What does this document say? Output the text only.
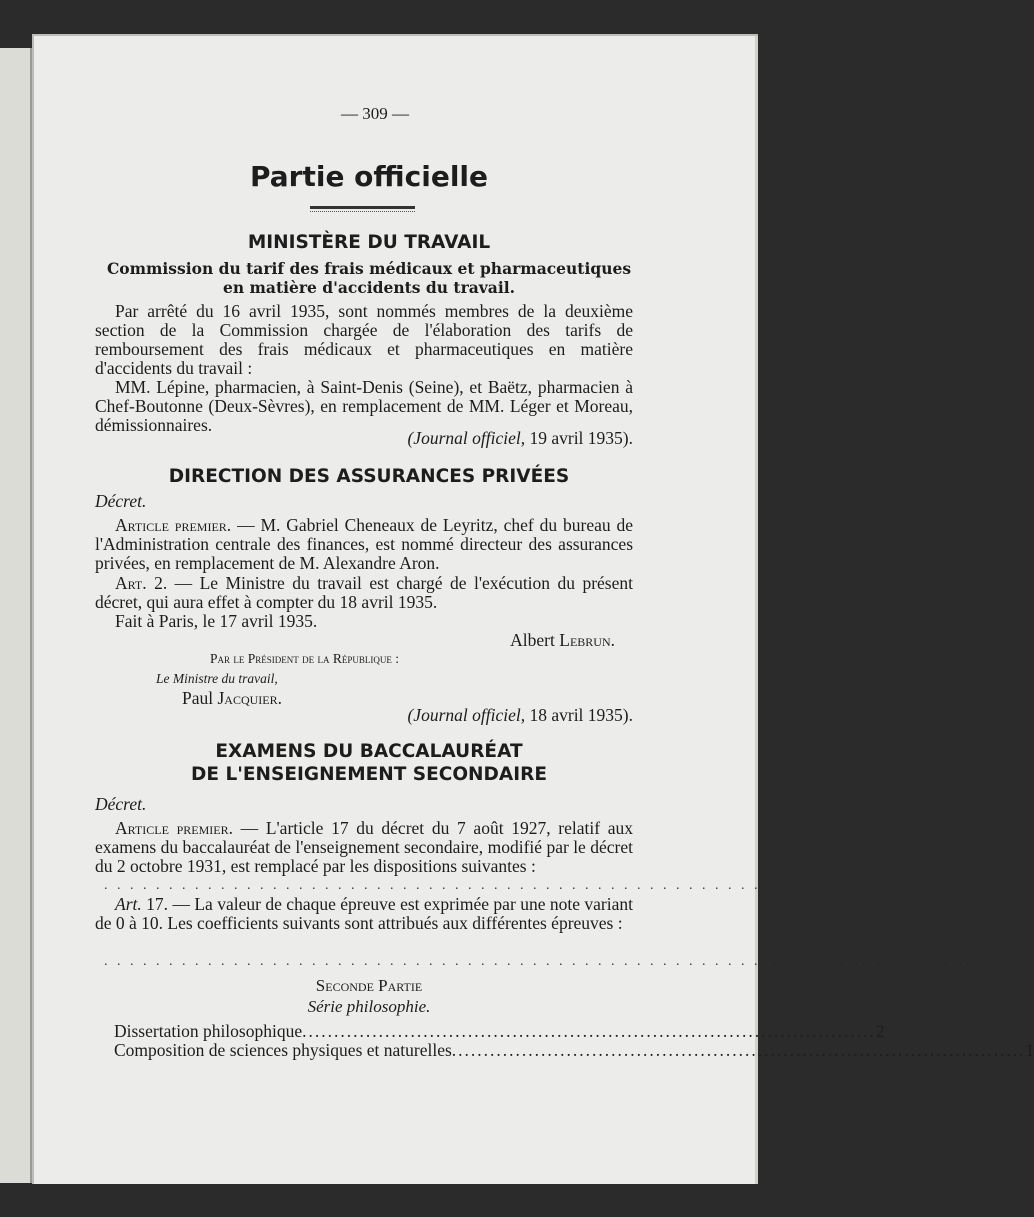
— 309 —

Partie officielle
MINISTÈRE DU TRAVAIL
Commission du tarif des frais médicaux et pharmaceutiques
en matière d'accidents du travail.

Par arrêté du 16 avril 1935, sont nommés membres de la deuxième section de la Commission chargée de l'élaboration des tarifs de remboursement des frais médicaux et pharmaceutiques en matière d'accidents du travail :

MM. Lépine, pharmacien, à Saint-Denis (Seine), et Baëtz, pharmacien à Chef-Boutonne (Deux-Sèvres), en remplacement de MM. Léger et Moreau, démissionnaires.

(Journal officiel, 19 avril 1935).

DIRECTION DES ASSURANCES PRIVÉES

Décret.

Article premier. — M. Gabriel Cheneaux de Leyritz, chef du bureau de l'Administration centrale des finances, est nommé directeur des assurances privées, en remplacement de M. Alexandre Aron.

Art. 2. — Le Ministre du travail est chargé de l'exécution du présent décret, qui aura effet à compter du 18 avril 1935.

Fait à Paris, le 17 avril 1935.

Albert Lebrun.

Par le Président de la République :

Le Ministre du travail,

Paul Jacquier.

(Journal officiel, 18 avril 1935).

EXAMENS DU BACCALAURÉAT
DE L'ENSEIGNEMENT SECONDAIRE

Décret.

Article premier. — L'article 17 du décret du 7 août 1927, relatif aux examens du baccalauréat de l'enseignement secondaire, modifié par le décret du 2 octobre 1931, est remplacé par les dispositions suivantes :

. . . . . . . . . . . . . . . . . . . . . . . . . . . . . . . . . . . . . . . . . . . . . . . . . . . . . . . . . . . . . . . . . . .

Art. 17. — La valeur de chaque épreuve est exprimée par une note variant de 0 à 10. Les coefficients suivants sont attribués aux différentes épreuves :

. . . . . . . . . . . . . . . . . . . . . . . . . . . . . . . . . . . . . . . . . . . . . . . . . . . . . . . . . . . . . . . . . . .

Seconde Partie

Série philosophie.

Dissertation philosophique .......................................................................................... 2
Composition de sciences physiques et naturelles .......................................................................................... 1
